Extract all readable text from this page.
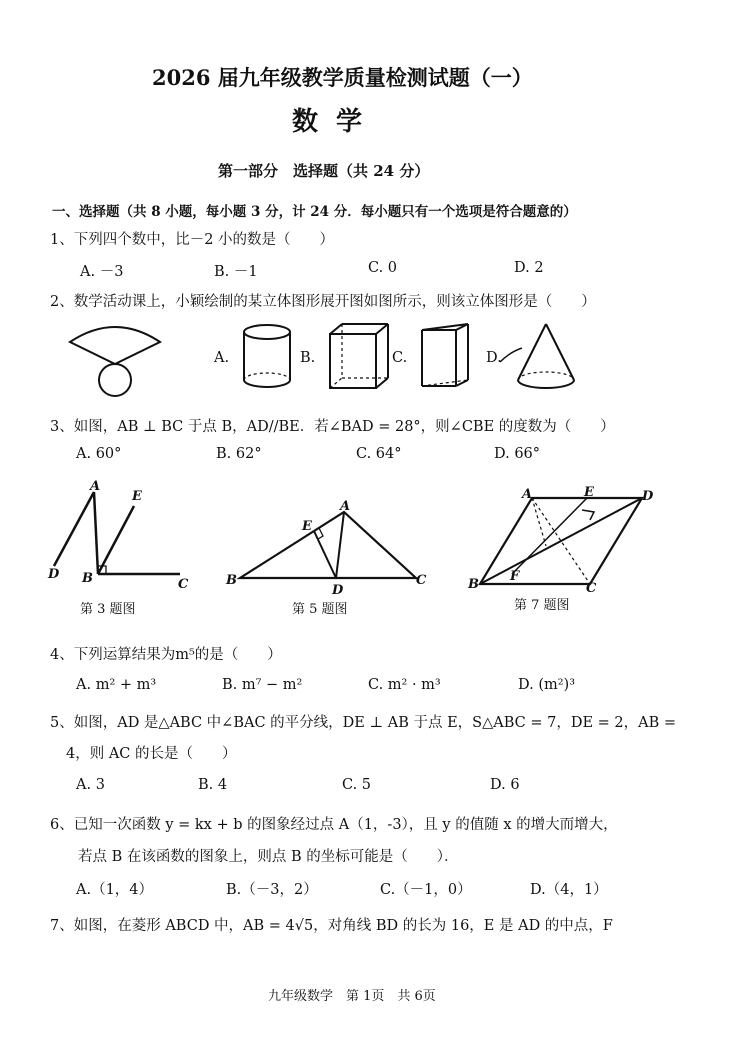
2026 届九年级教学质量检测试题（一）
数学
第一部分　选择题（共 24 分）
一、选择题（共 8 小题，每小题 3 分，计 24 分．每小题只有一个选项是符合题意的）
1、下列四个数中，比－2 小的数是（　　）
A. －3	B. －1	C. 0	D. 2
2、数学活动课上，小颖绘制的某立体图形展开图如图所示，则该立体图形是（　　）
A.	B.	C.	D.
3、如图，AB ⊥ BC 于点 B，AD//BE．若∠BAD = 28°，则∠CBE 的度数为（　　）
A. 60°	B. 62°	C. 64°	D. 66°
A
E
D B	C
第 3 题图
A
E
B
D
C
第 5 题图
A	E	D
F
B	C
第 7 题图
4、下列运算结果为m⁵的是（　　）
A. m² + m³	B. m⁷ − m²	C. m² · m³	D. (m²)³
5、如图，AD 是△ABC 中∠BAC 的平分线，DE ⊥ AB 于点 E，S△ABC = 7，DE = 2，AB =
4，则 AC 的长是（　　）
A. 3	B. 4	C. 5	D. 6
6、已知一次函数 y = kx + b 的图象经过点 A（1，-3），且 y 的值随 x 的增大而增大，
若点 B 在该函数的图象上，则点 B 的坐标可能是（　　）．
A.（1，4）	B.（－3，2）	C.（－1，0）	D.（4，1）
7、如图，在菱形 ABCD 中，AB = 4√5，对角线 BD 的长为 16，E 是 AD 的中点，F
九年级数学　第 1页　共 6页
